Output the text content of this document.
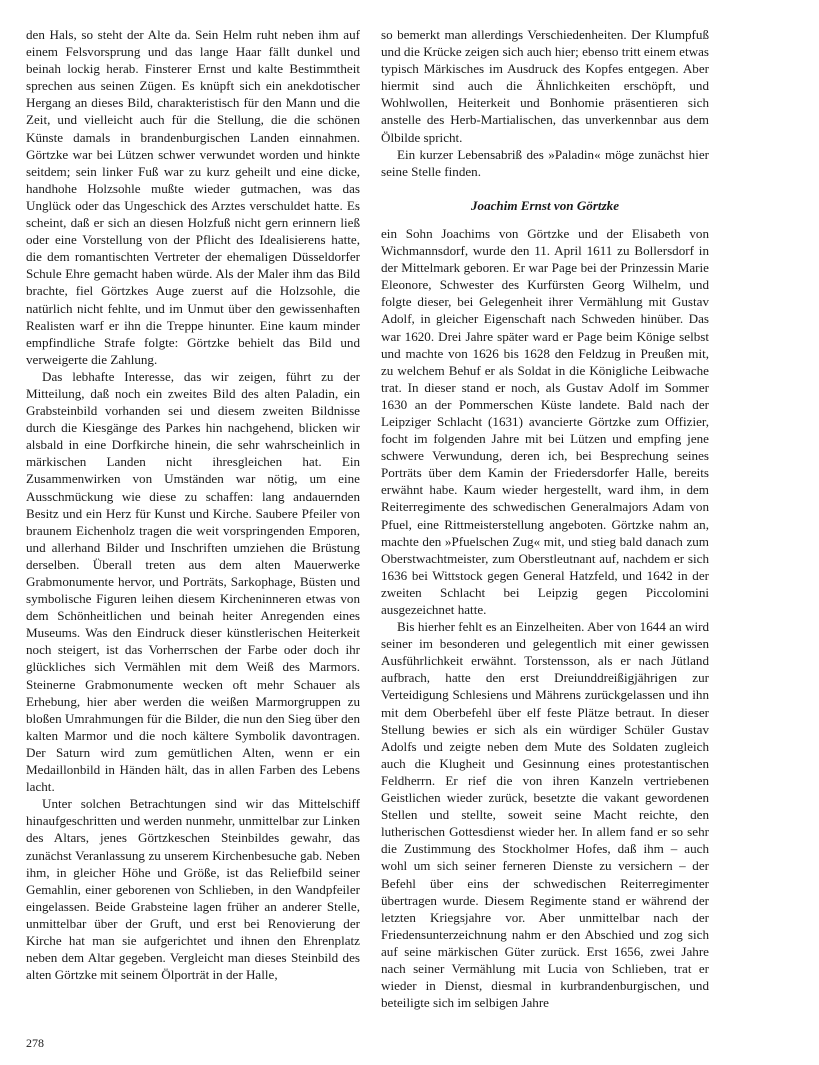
den Hals, so steht der Alte da. Sein Helm ruht neben ihm auf einem Felsvorsprung und das lange Haar fällt dunkel und beinah lockig herab. Finsterer Ernst und kalte Bestimmtheit sprechen aus seinen Zügen. Es knüpft sich ein anekdotischer Hergang an dieses Bild, charakteristisch für den Mann und die Zeit, und vielleicht auch für die Stellung, die die schönen Künste damals in brandenburgischen Landen einnahmen. Görtzke war bei Lützen schwer verwundet worden und hinkte seitdem; sein linker Fuß war zu kurz geheilt und eine dicke, handhohe Holzsohle mußte wieder gutmachen, was das Unglück oder das Ungeschick des Arztes verschuldet hatte. Es scheint, daß er sich an diesen Holzfuß nicht gern erinnern ließ oder eine Vorstellung von der Pflicht des Idealisierens hatte, die dem romantischten Vertreter der ehemaligen Düsseldorfer Schule Ehre gemacht haben würde. Als der Maler ihm das Bild brachte, fiel Görtzkes Auge zuerst auf die Holzsohle, die natürlich nicht fehlte, und im Unmut über den gewissenhaften Realisten warf er ihn die Treppe hinunter. Eine kaum minder empfindliche Strafe folgte: Görtzke behielt das Bild und verweigerte die Zahlung.

Das lebhafte Interesse, das wir zeigen, führt zu der Mitteilung, daß noch ein zweites Bild des alten Paladin, ein Grabsteinbild vorhanden sei und diesem zweiten Bildnisse durch die Kiesgänge des Parkes hin nachgehend, blicken wir alsbald in eine Dorfkirche hinein, die sehr wahrscheinlich in märkischen Landen nicht ihresgleichen hat. Ein Zusammenwirken von Umständen war nötig, um eine Ausschmückung wie diese zu schaffen: lang andauernden Besitz und ein Herz für Kunst und Kirche. Saubere Pfeiler von braunem Eichenholz tragen die weit vorspringenden Emporen, und allerhand Bilder und Inschriften umziehen die Brüstung derselben. Überall treten aus dem alten Mauerwerke Grabmonumente hervor, und Porträts, Sarkophage, Büsten und symbolische Figuren leihen diesem Kircheninneren etwas von dem Schönheitlichen und beinah heiter Anregenden eines Museums. Was den Eindruck dieser künstlerischen Heiterkeit noch steigert, ist das Vorherrschen der Farbe oder doch ihr glückliches sich Vermählen mit dem Weiß des Marmors. Steinerne Grabmonumente wecken oft mehr Schauer als Erhebung, hier aber werden die weißen Marmorgruppen zu bloßen Umrahmungen für die Bilder, die nun den Sieg über den kalten Marmor und die noch kältere Symbolik davontragen. Der Saturn wird zum gemütlichen Alten, wenn er ein Medaillonbild in Händen hält, das in allen Farben des Lebens lacht.

Unter solchen Betrachtungen sind wir das Mittelschiff hinaufgeschritten und werden nunmehr, unmittelbar zur Linken des Altars, jenes Görtzkeschen Steinbildes gewahr, das zunächst Veranlassung zu unserem Kirchenbesuche gab. Neben ihm, in gleicher Höhe und Größe, ist das Reliefbild seiner Gemahlin, einer geborenen von Schlieben, in den Wandpfeiler eingelassen. Beide Grabsteine lagen früher an anderer Stelle, unmittelbar über der Gruft, und erst bei Renovierung der Kirche hat man sie aufgerichtet und ihnen den Ehrenplatz neben dem Altar gegeben. Vergleicht man dieses Steinbild des alten Görtzke mit seinem Ölporträt in der Halle,

so bemerkt man allerdings Verschiedenheiten. Der Klumpfuß und die Krücke zeigen sich auch hier; ebenso tritt einem etwas typisch Märkisches im Ausdruck des Kopfes entgegen. Aber hiermit sind auch die Ähnlichkeiten erschöpft, und Wohlwollen, Heiterkeit und Bonhomie präsentieren sich anstelle des Herb-Martialischen, das unverkennbar aus dem Ölbilde spricht.

Ein kurzer Lebensabriß des »Paladin« möge zunächst hier seine Stelle finden.

Joachim Ernst von Görtzke

ein Sohn Joachims von Görtzke und der Elisabeth von Wichmannsdorf, wurde den 11. April 1611 zu Bollersdorf in der Mittelmark geboren. Er war Page bei der Prinzessin Marie Eleonore, Schwester des Kurfürsten Georg Wilhelm, und folgte dieser, bei Gelegenheit ihrer Vermählung mit Gustav Adolf, in gleicher Eigenschaft nach Schweden hinüber. Das war 1620. Drei Jahre später ward er Page beim Könige selbst und machte von 1626 bis 1628 den Feldzug in Preußen mit, zu welchem Behuf er als Soldat in die Königliche Leibwache trat. In dieser stand er noch, als Gustav Adolf im Sommer 1630 an der Pommerschen Küste landete. Bald nach der Leipziger Schlacht (1631) avancierte Görtzke zum Offizier, focht im folgenden Jahre mit bei Lützen und empfing jene schwere Verwundung, deren ich, bei Besprechung seines Porträts über dem Kamin der Friedersdorfer Halle, bereits erwähnt habe. Kaum wieder hergestellt, ward ihm, in dem Reiterregimente des schwedischen Generalmajors Adam von Pfuel, eine Rittmeisterstellung angeboten. Görtzke nahm an, machte den »Pfuelschen Zug« mit, und stieg bald danach zum Oberstwachtmeister, zum Oberstleutnant auf, nachdem er sich 1636 bei Wittstock gegen General Hatzfeld, und 1642 in der zweiten Schlacht bei Leipzig gegen Piccolomini ausgezeichnet hatte.

Bis hierher fehlt es an Einzelheiten. Aber von 1644 an wird seiner im besonderen und gelegentlich mit einer gewissen Ausführlichkeit erwähnt. Torstensson, als er nach Jütland aufbrach, hatte den erst Dreiunddreißigjährigen zur Verteidigung Schlesiens und Mährens zurückgelassen und ihn mit dem Oberbefehl über elf feste Plätze betraut. In dieser Stellung bewies er sich als ein würdiger Schüler Gustav Adolfs und zeigte neben dem Mute des Soldaten zugleich auch die Klugheit und Gesinnung eines protestantischen Feldherrn. Er rief die von ihren Kanzeln vertriebenen Geistlichen wieder zurück, besetzte die vakant gewordenen Stellen und stellte, soweit seine Macht reichte, den lutherischen Gottesdienst wieder her. In allem fand er so sehr die Zustimmung des Stockholmer Hofes, daß ihm – auch wohl um sich seiner ferneren Dienste zu versichern – der Befehl über eins der schwedischen Reiterregimenter übertragen wurde. Diesem Regimente stand er während der letzten Kriegsjahre vor. Aber unmittelbar nach der Friedensunterzeichnung nahm er den Abschied und zog sich auf seine märkischen Güter zurück. Erst 1656, zwei Jahre nach seiner Vermählung mit Lucia von Schlieben, trat er wieder in Dienst, diesmal in kurbrandenburgischen, und beteiligte sich im selbigen Jahre

278
